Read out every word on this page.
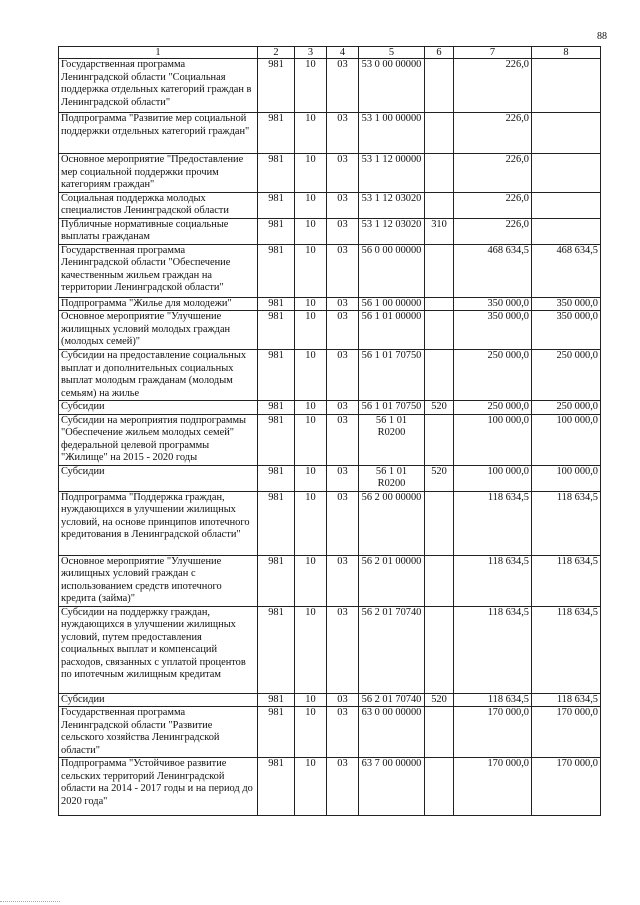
88
1	2	3	4	5	6	7	8
Государственная программа Ленинградской области "Социальная поддержка отдельных категорий граждан в Ленинградской области"	981	10	03	53 0 00 00000		226,0	
Подпрограмма "Развитие мер социальной поддержки отдельных категорий граждан"	981	10	03	53 1 00 00000		226,0	
Основное мероприятие "Предоставление мер социальной поддержки прочим категориям граждан"	981	10	03	53 1 12 00000		226,0	
Социальная поддержка молодых специалистов Ленинградской области	981	10	03	53 1 12 03020		226,0	
Публичные нормативные социальные выплаты гражданам	981	10	03	53 1 12 03020	310	226,0	
Государственная программа Ленинградской области "Обеспечение качественным жильем граждан на территории Ленинградской области"	981	10	03	56 0 00 00000		468 634,5	468 634,5
Подпрограмма "Жилье для молодежи"	981	10	03	56 1 00 00000		350 000,0	350 000,0
Основное мероприятие "Улучшение жилищных условий молодых граждан (молодых семей)"	981	10	03	56 1 01 00000		350 000,0	350 000,0
Субсидии на предоставление социальных выплат и дополнительных социальных выплат молодым гражданам (молодым семьям) на жилье	981	10	03	56 1 01 70750		250 000,0	250 000,0
Субсидии	981	10	03	56 1 01 70750	520	250 000,0	250 000,0
Субсидии на мероприятия подпрограммы "Обеспечение жильем молодых семей" федеральной целевой программы "Жилище" на 2015 - 2020 годы	981	10	03	56 1 01 R0200		100 000,0	100 000,0
Субсидии	981	10	03	56 1 01 R0200	520	100 000,0	100 000,0
Подпрограмма "Поддержка граждан, нуждающихся в улучшении жилищных условий, на основе принципов ипотечного кредитования в Ленинградской области"	981	10	03	56 2 00 00000		118 634,5	118 634,5
Основное мероприятие "Улучшение жилищных условий граждан с использованием средств ипотечного кредита (займа)"	981	10	03	56 2 01 00000		118 634,5	118 634,5
Субсидии на поддержку граждан, нуждающихся в улучшении жилищных условий, путем предоставления социальных выплат и компенсаций расходов, связанных с уплатой процентов по ипотечным жилищным кредитам	981	10	03	56 2 01 70740		118 634,5	118 634,5
Субсидии	981	10	03	56 2 01 70740	520	118 634,5	118 634,5
Государственная программа Ленинградской области "Развитие сельского хозяйства Ленинградской области"	981	10	03	63 0 00 00000		170 000,0	170 000,0
Подпрограмма "Устойчивое развитие сельских территорий Ленинградской области на 2014 - 2017 годы и на период до 2020 года"	981	10	03	63 7 00 00000		170 000,0	170 000,0
